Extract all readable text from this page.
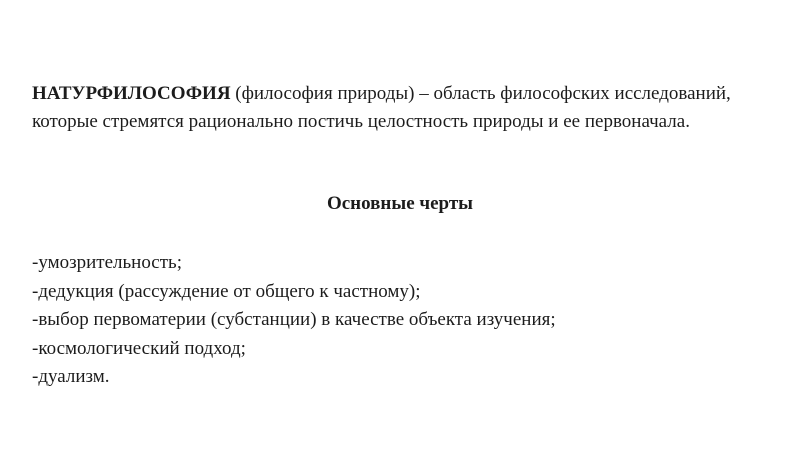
НАТУРФИЛОСОФИЯ (философия природы) – область философских исследований, которые стремятся рационально постичь целостность природы и ее первоначала.

Основные черты
-умозрительность;
-дедукция (рассуждение от общего к частному);
-выбор первоматерии (субстанции) в качестве объекта изучения;
-космологический подход;
-дуализм.
